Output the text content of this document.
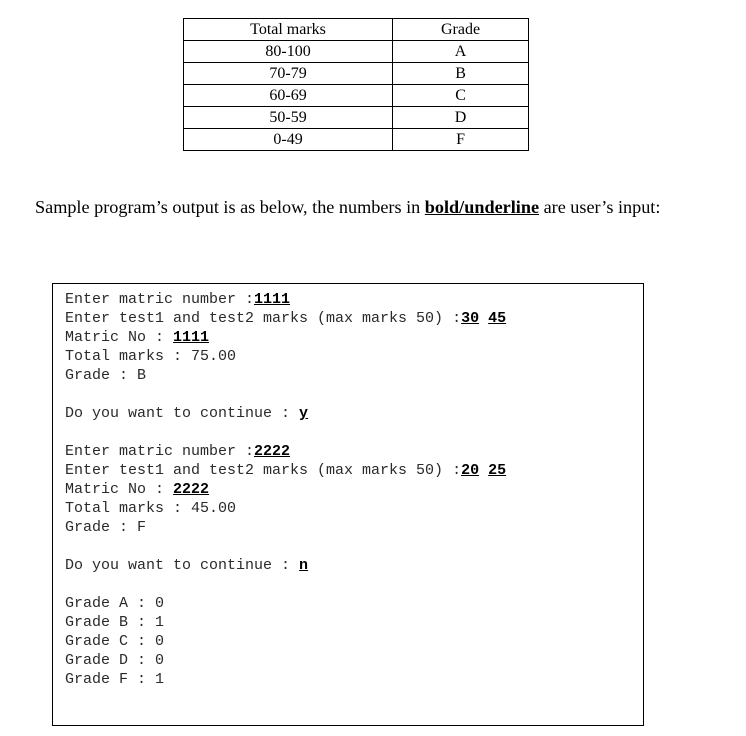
Total marks	Grade
80-100	A
70-79	B
60-69	C
50-59	D
0-49	F
Sample program’s output is as below, the numbers in bold/underline are user’s input:
Enter matric number :1111
Enter test1 and test2 marks (max marks 50) :30 45
Matric No : 1111
Total marks : 75.00
Grade : B
Do you want to continue : y
Enter matric number :2222
Enter test1 and test2 marks (max marks 50) :20 25
Matric No : 2222
Total marks : 45.00
Grade : F
Do you want to continue : n
Grade A : 0
Grade B : 1
Grade C : 0
Grade D : 0
Grade F : 1
